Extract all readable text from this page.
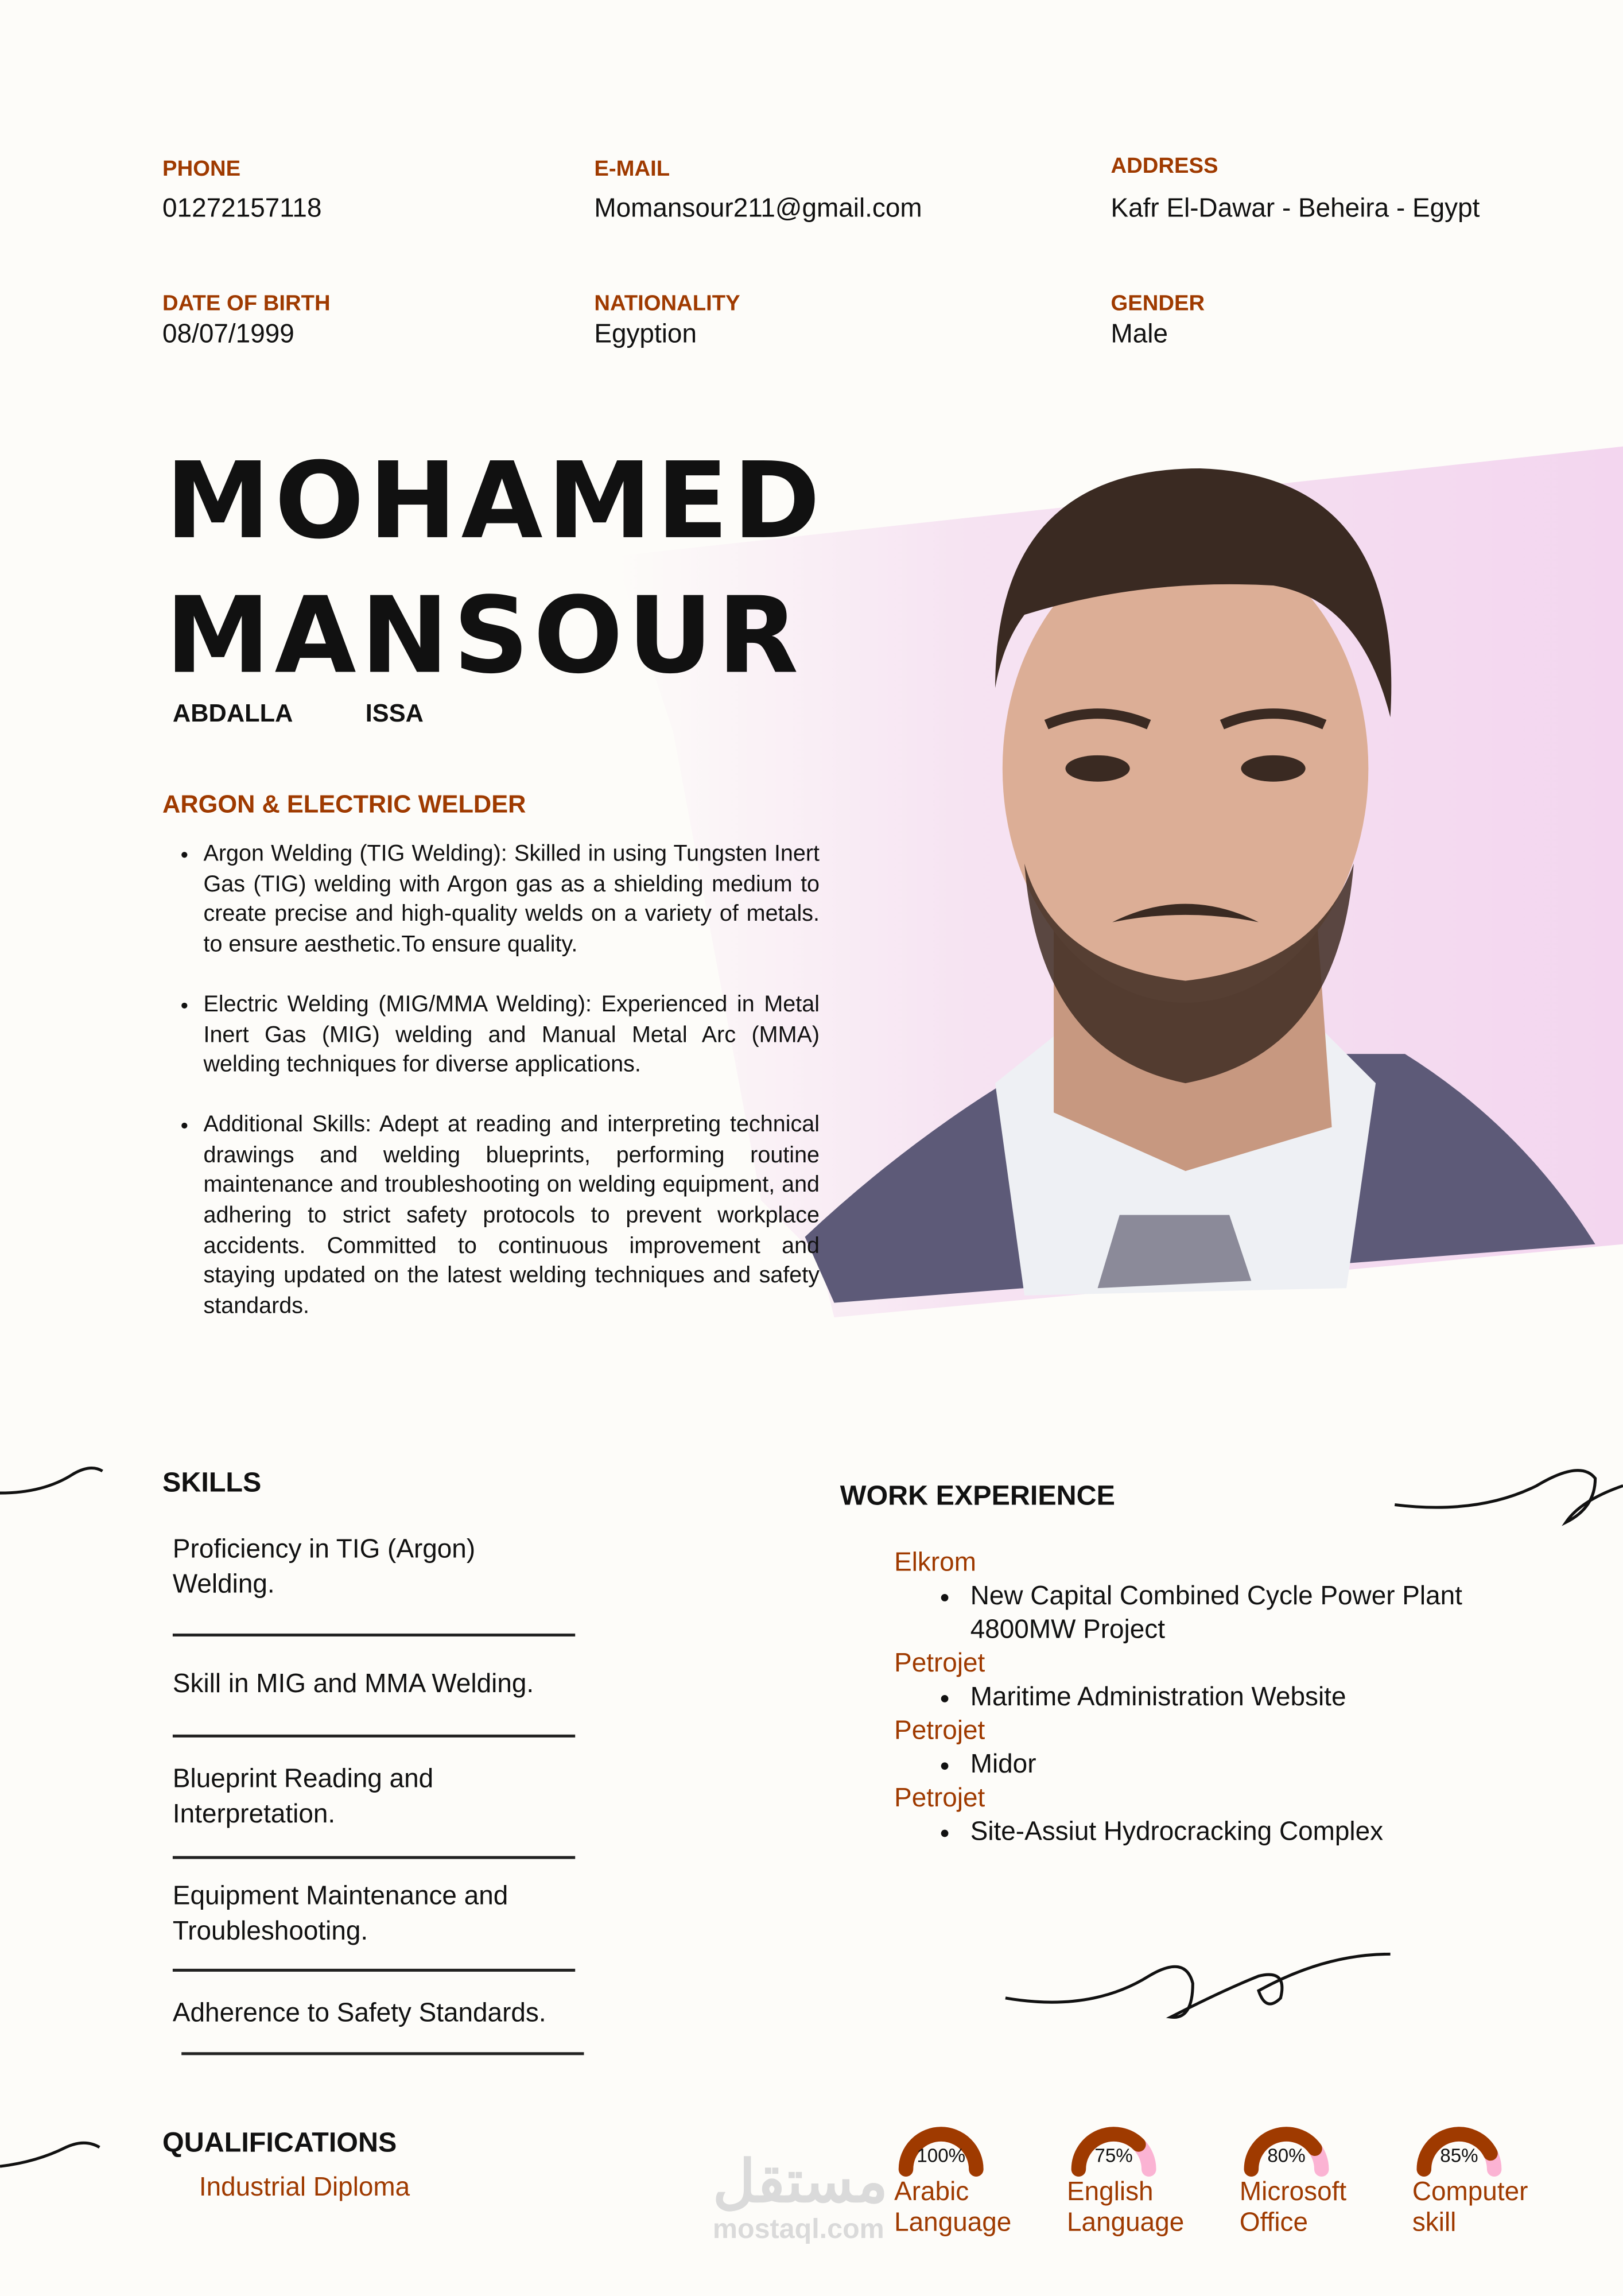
PHONE
01272157118
E-MAIL
Momansour211@gmail.com
ADDRESS
Kafr El-Dawar - Beheira - Egypt
DATE OF BIRTH
08/07/1999
NATIONALITY
Egyption
GENDER
Male
MOHAMED
MANSOUR
ABDALLA   ISSA
ARGON & ELECTRIC WELDER
• Argon Welding (TIG Welding): Skilled in using Tungsten Inert Gas (TIG) welding with Argon gas as a shielding medium to create precise and high-quality welds on a variety of metals. to ensure aesthetic.To ensure quality.
• Electric Welding (MIG/MMA Welding): Experienced in Metal Inert Gas (MIG) welding and Manual Metal Arc (MMA) welding techniques for diverse applications.
• Additional Skills: Adept at reading and interpreting technical drawings and welding blueprints, performing routine maintenance and troubleshooting on welding equipment, and adhering to strict safety protocols to prevent workplace accidents. Committed to continuous improvement and staying updated on the latest welding techniques and safety standards.
SKILLS
Proficiency in TIG (Argon) Welding.
Skill in MIG and MMA Welding.
Blueprint Reading and Interpretation.
Equipment Maintenance and Troubleshooting.
Adherence to Safety Standards.
WORK EXPERIENCE
Elkrom
New Capital Combined Cycle Power Plant 4800MW Project
Petrojet
Maritime Administration Website
Petrojet
Midor
Petrojet
Site-Assiut Hydrocracking Complex
QUALIFICATIONS
Industrial Diploma	مستقل
mostaql.com
100%
Arabic
Language
75%
English
Language
80%
Microsoft
Office
85%
Computer
skill
